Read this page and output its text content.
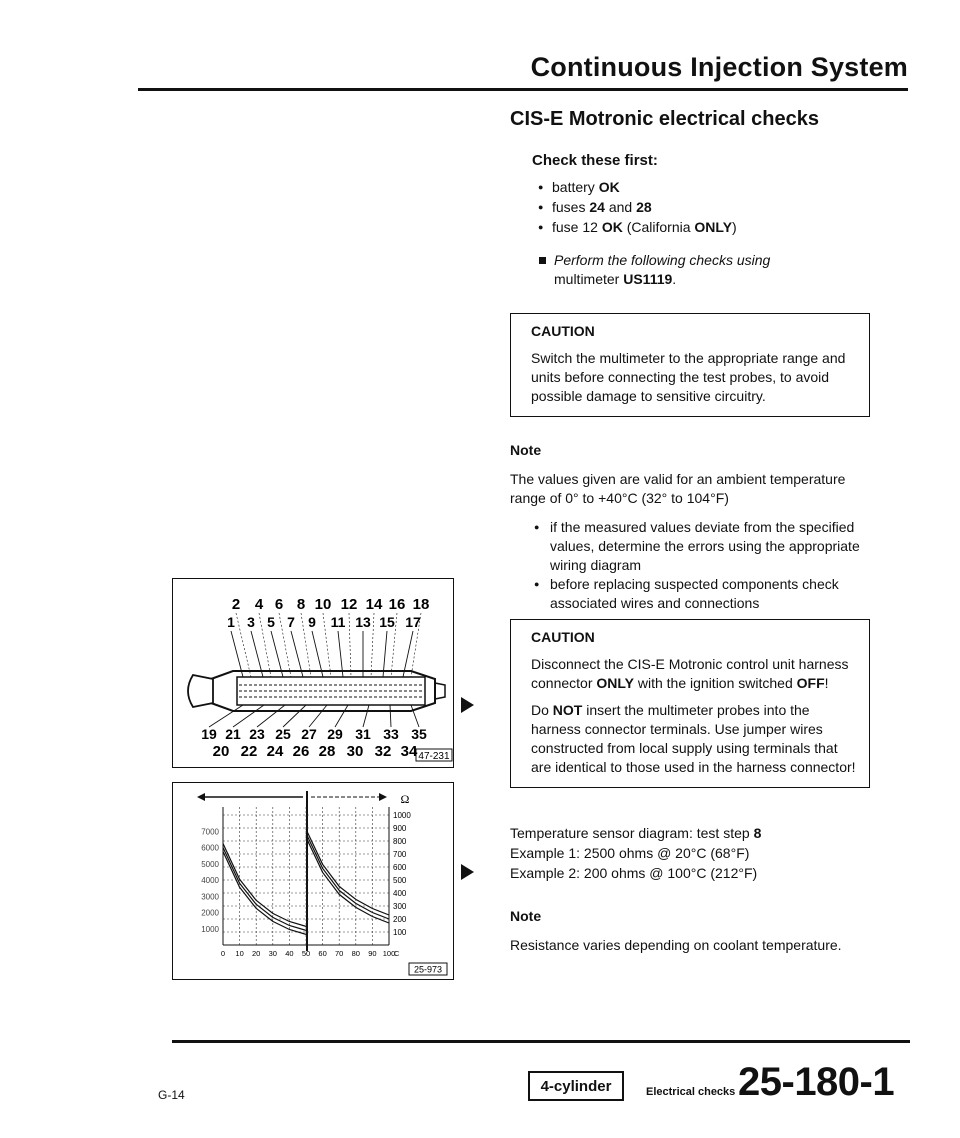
Continuous Injection System
2 4 6 8 10 12 14 16 18
1 3 5 7 9 11 13 15 17
19 21 23 25 27 29 31 33 35
20 22 24 26 28 30 32 34 47-231
Ω
1000
900
800
700
600
500
400
300
200
100
7000
6000
5000
4000
3000
2000
1000
0 10 20 30 40 50 60 70 80 90 100
C
25-973
CIS-E Motronic electrical checks
Check these first:
● battery OK
● fuses 24 and 28
● fuse 12 OK (California ONLY)
Perform the following checks using
multimeter US1119.
CAUTION

Switch the multimeter to the appropriate range and units before connecting the test probes, to avoid possible damage to sensitive circuitry.

Note
The values given are valid for an ambient temperature range of 0° to +40°C (32° to 104°F)
● if the measured values deviate from the specified values, determine the errors using the appropriate wiring diagram
● before replacing suspected components check associated wires and connections
CAUTION

Disconnect the CIS-E Motronic control unit harness connector ONLY with the ignition switched OFF!

Do NOT insert the multimeter probes into the harness connector terminals. Use jumper wires constructed from local supply using terminals that are identical to those used in the harness connector!

Temperature sensor diagram: test step 8
Example 1: 2500 ohms @ 20°C (68°F)
Example 2: 200 ohms @ 100°C (212°F)
Note
Resistance varies depending on coolant temperature.
G-14
4-cylinder	Electrical checks 25-180-1
